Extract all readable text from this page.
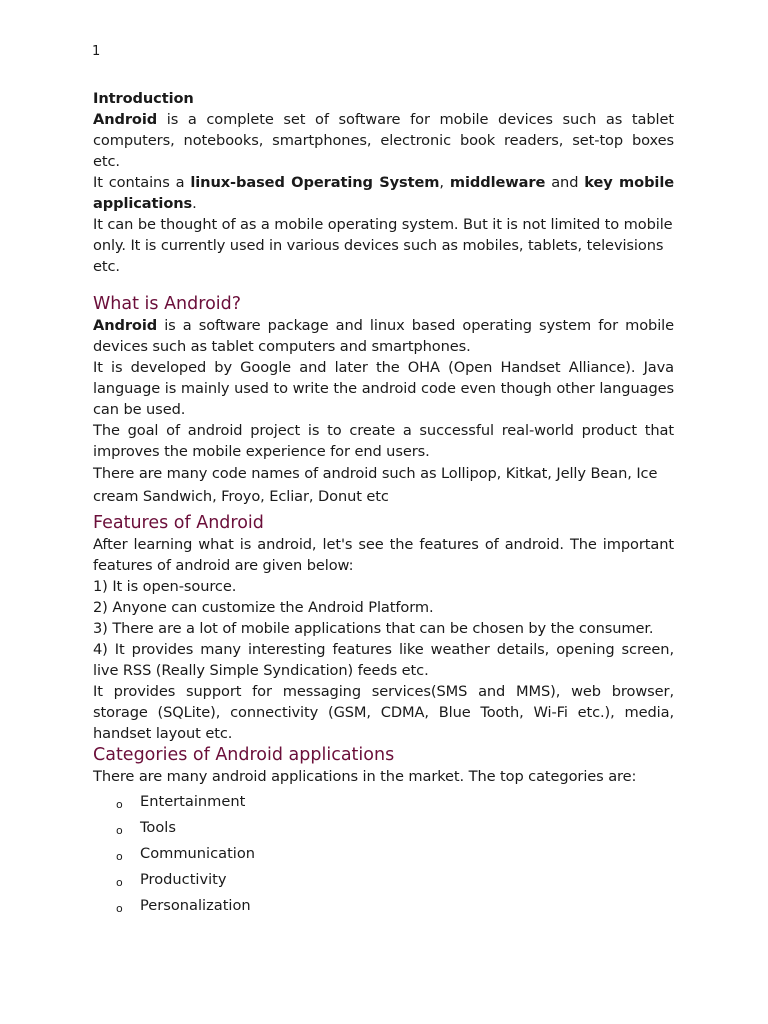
1

Introduction

Android is a complete set of software for mobile devices such as tablet computers, notebooks, smartphones, electronic book readers, set-top boxes etc.

It contains a linux-based Operating System, middleware and key mobile applications.

It can be thought of as a mobile operating system. But it is not limited to mobile only. It is currently used in various devices such as mobiles, tablets, televisions etc.

What is Android?

Android is a software package and linux based operating system for mobile devices such as tablet computers and smartphones.

It is developed by Google and later the OHA (Open Handset Alliance). Java language is mainly used to write the android code even though other languages can be used.

The goal of android project is to create a successful real-world product that improves the mobile experience for end users.

There are many code names of android such as Lollipop, Kitkat, Jelly Bean, Ice cream Sandwich, Froyo, Ecliar, Donut etc

Features of Android

After learning what is android, let's see the features of android. The important features of android are given below:

1) It is open-source.

2) Anyone can customize the Android Platform.

3) There are a lot of mobile applications that can be chosen by the consumer.

4) It provides many interesting features like weather details, opening screen, live RSS (Really Simple Syndication) feeds etc.

It provides support for messaging services(SMS and MMS), web browser, storage (SQLite), connectivity (GSM, CDMA, Blue Tooth, Wi-Fi etc.), media, handset layout etc.

Categories of Android applications

There are many android applications in the market. The top categories are:

o Entertainment
o Tools
o Communication
o Productivity
o Personalization
